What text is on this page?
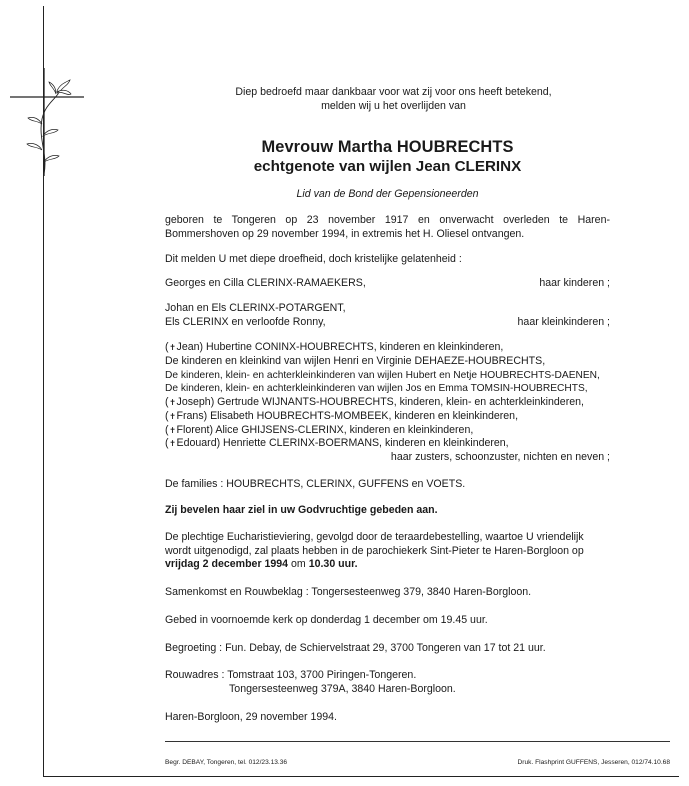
Diep bedroefd maar dankbaar voor wat zij voor ons heeft betekend,
melden wij u het overlijden van
Mevrouw Martha HOUBRECHTS
echtgenote van wijlen Jean CLERINX
Lid van de Bond der Gepensioneerden
geboren te Tongeren op 23 november 1917 en onverwacht overleden te Haren-Bommershoven op 29 november 1994, in extremis het H. Oliesel ontvangen.
Dit melden U met diepe droefheid, doch kristelijke gelatenheid :
Georges en Cilla CLERINX-RAMAEKERS,	haar kinderen ;
Johan en Els CLERINX-POTARGENT,
Els CLERINX en verloofde Ronny,	haar kleinkinderen ;
(✝Jean) Hubertine CONINX-HOUBRECHTS, kinderen en kleinkinderen,
De kinderen en kleinkind van wijlen Henri en Virginie DEHAEZE-HOUBRECHTS,
De kinderen, klein- en achterkleinkinderen van wijlen Hubert en Netje HOUBRECHTS-DAENEN,
De kinderen, klein- en achterkleinkinderen van wijlen Jos en Emma TOMSIN-HOUBRECHTS,
(✝Joseph) Gertrude WIJNANTS-HOUBRECHTS, kinderen, klein- en achterkleinkinderen,
(✝Frans) Elisabeth HOUBRECHTS-MOMBEEK, kinderen en kleinkinderen,
(✝Florent) Alice GHIJSENS-CLERINX, kinderen en kleinkinderen,
(✝Edouard) Henriette CLERINX-BOERMANS, kinderen en kleinkinderen,
haar zusters, schoonzuster, nichten en neven ;
De families : HOUBRECHTS, CLERINX, GUFFENS en VOETS.
Zij bevelen haar ziel in uw Godvruchtige gebeden aan.
De plechtige Eucharistieviering, gevolgd door de teraardebestelling, waartoe U vriendelijk wordt uitgenodigd, zal plaats hebben in de parochiekerk Sint-Pieter te Haren-Borgloon op vrijdag 2 december 1994 om 10.30 uur.
Samenkomst en Rouwbeklag : Tongersesteenweg 379, 3840 Haren-Borgloon.
Gebed in voornoemde kerk op donderdag 1 december om 19.45 uur.
Begroeting : Fun. Debay, de Schiervelstraat 29, 3700 Tongeren van 17 tot 21 uur.
Rouwadres : Tomstraat 103, 3700 Piringen-Tongeren.
Tongersesteenweg 379A, 3840 Haren-Borgloon.
Haren-Borgloon, 29 november 1994.
Begr. DEBAY, Tongeren, tel. 012/23.13.36	Druk. Flashprint GUFFENS, Jesseren, 012/74.10.68
